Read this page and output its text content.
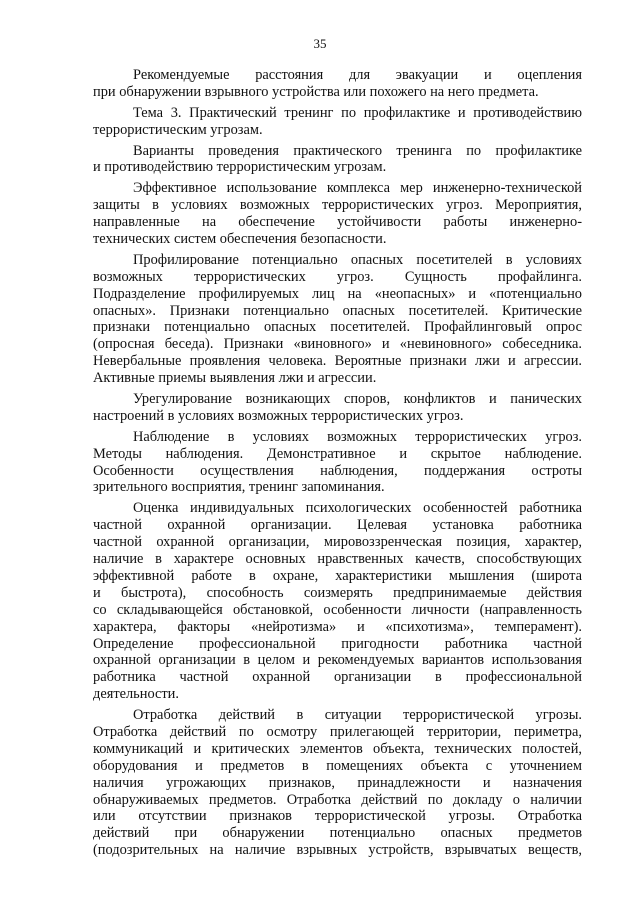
35
Рекомендуемые расстояния для эвакуации и оцепления
при обнаружении взрывного устройства или похожего на него предмета.
Тема 3. Практический тренинг по профилактике и противодействию
террористическим угрозам.
Варианты проведения практического тренинга по профилактике
и противодействию террористическим угрозам.
Эффективное использование комплекса мер инженерно-технической
защиты в условиях возможных террористических угроз. Мероприятия,
направленные на обеспечение устойчивости работы инженерно-
технических систем обеспечения безопасности.
Профилирование потенциально опасных посетителей в условиях
возможных террористических угроз. Сущность профайлинга.
Подразделение профилируемых лиц на «неопасных» и «потенциально
опасных». Признаки потенциально опасных посетителей. Критические
признаки потенциально опасных посетителей. Профайлинговый опрос
(опросная беседа). Признаки «виновного» и «невиновного» собеседника.
Невербальные проявления человека. Вероятные признаки лжи и агрессии.
Активные приемы выявления лжи и агрессии.
Урегулирование возникающих споров, конфликтов и панических
настроений в условиях возможных террористических угроз.
Наблюдение в условиях возможных террористических угроз.
Методы наблюдения. Демонстративное и скрытое наблюдение.
Особенности осуществления наблюдения, поддержания остроты
зрительного восприятия, тренинг запоминания.
Оценка индивидуальных психологических особенностей работника
частной охранной организации. Целевая установка работника
частной охранной организации, мировоззренческая позиция, характер,
наличие в характере основных нравственных качеств, способствующих
эффективной работе в охране, характеристики мышления (широта
и быстрота), способность соизмерять предпринимаемые действия
со складывающейся обстановкой, особенности личности (направленность
характера, факторы «нейротизма» и «психотизма», темперамент).
Определение профессиональной пригодности работника частной
охранной организации в целом и рекомендуемых вариантов использования
работника частной охранной организации в профессиональной
деятельности.
Отработка действий в ситуации террористической угрозы.
Отработка действий по осмотру прилегающей территории, периметра,
коммуникаций и критических элементов объекта, технических полостей,
оборудования и предметов в помещениях объекта с уточнением
наличия угрожающих признаков, принадлежности и назначения
обнаруживаемых предметов. Отработка действий по докладу о наличии
или отсутствии признаков террористической угрозы. Отработка
действий при обнаружении потенциально опасных предметов
(подозрительных на наличие взрывных устройств, взрывчатых веществ,
